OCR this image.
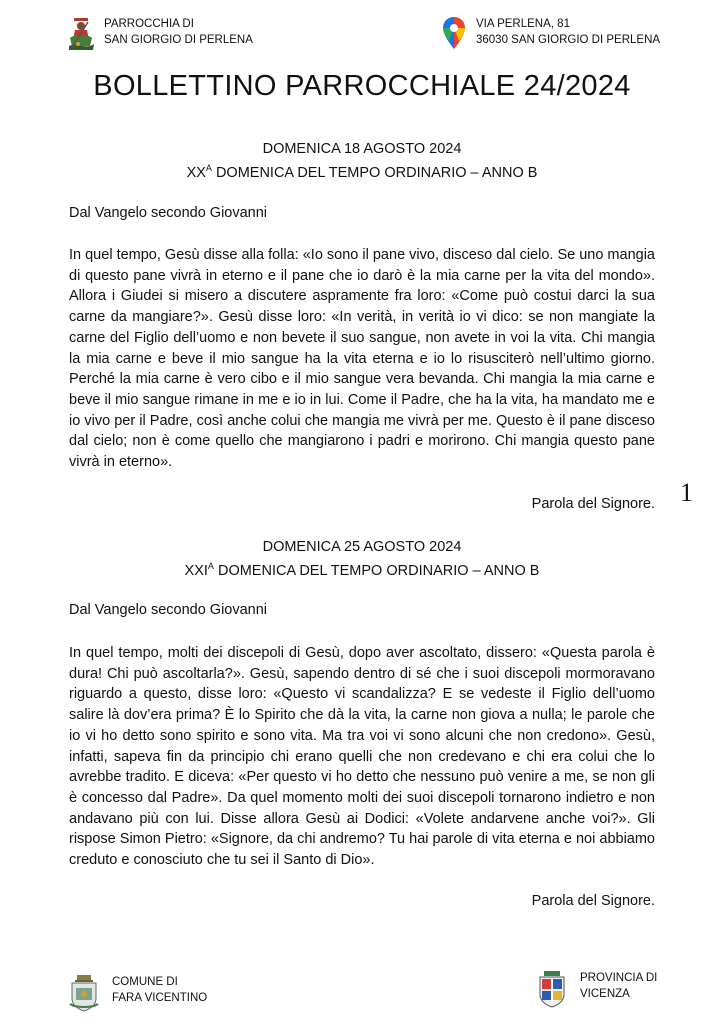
PARROCCHIA DI
SAN GIORGIO DI PERLENA
VIA PERLENA, 81
36030 SAN GIORGIO DI PERLENA
BOLLETTINO PARROCCHIALE 24/2024
DOMENICA 18 AGOSTO 2024
$XX^A$ DOMENICA DEL TEMPO ORDINARIO – ANNO B
Dal Vangelo secondo Giovanni

In quel tempo, Gesù disse alla folla: «Io sono il pane vivo, disceso dal cielo. Se uno mangia di questo pane vivrà in eterno e il pane che io darò è la mia carne per la vita del mondo». Allora i Giudei si misero a discutere aspramente fra loro: «Come può costui darci la sua carne da mangiare?». Gesù disse loro: «In verità, in verità io vi dico: se non mangiate la carne del Figlio dell’uomo e non bevete il suo sangue, non avete in voi la vita. Chi mangia la mia carne e beve il mio sangue ha la vita eterna e io lo risusciterò nell’ultimo giorno. Perché la mia carne è vero cibo e il mio sangue vera bevanda. Chi mangia la mia carne e beve il mio sangue rimane in me e io in lui. Come il Padre, che ha la vita, ha mandato me e io vivo per il Padre, così anche colui che mangia me vivrà per me. Questo è il pane disceso dal cielo; non è come quello che mangiarono i padri e morirono. Chi mangia questo pane vivrà in eterno».

Parola del Signore. 1
DOMENICA 25 AGOSTO 2024
$XXI^A$ DOMENICA DEL TEMPO ORDINARIO – ANNO B
Dal Vangelo secondo Giovanni

In quel tempo, molti dei discepoli di Gesù, dopo aver ascoltato, dissero: «Questa parola è dura! Chi può ascoltarla?». Gesù, sapendo dentro di sé che i suoi discepoli mormoravano riguardo a questo, disse loro: «Questo vi scandalizza? E se vedeste il Figlio dell’uomo salire là dov’era prima? È lo Spirito che dà la vita, la carne non giova a nulla; le parole che io vi ho detto sono spirito e sono vita. Ma tra voi vi sono alcuni che non credono». Gesù, infatti, sapeva fin da principio chi erano quelli che non credevano e chi era colui che lo avrebbe tradito. E diceva: «Per questo vi ho detto che nessuno può venire a me, se non gli è concesso dal Padre». Da quel momento molti dei suoi discepoli tornarono indietro e non andavano più con lui. Disse allora Gesù ai Dodici: «Volete andarvene anche voi?». Gli rispose Simon Pietro: «Signore, da chi andremo? Tu hai parole di vita eterna e noi abbiamo creduto e conosciuto che tu sei il Santo di Dio».

Parola del Signore.
COMUNE DI
FARA VICENTINO
PROVINCIA DI
VICENZA
